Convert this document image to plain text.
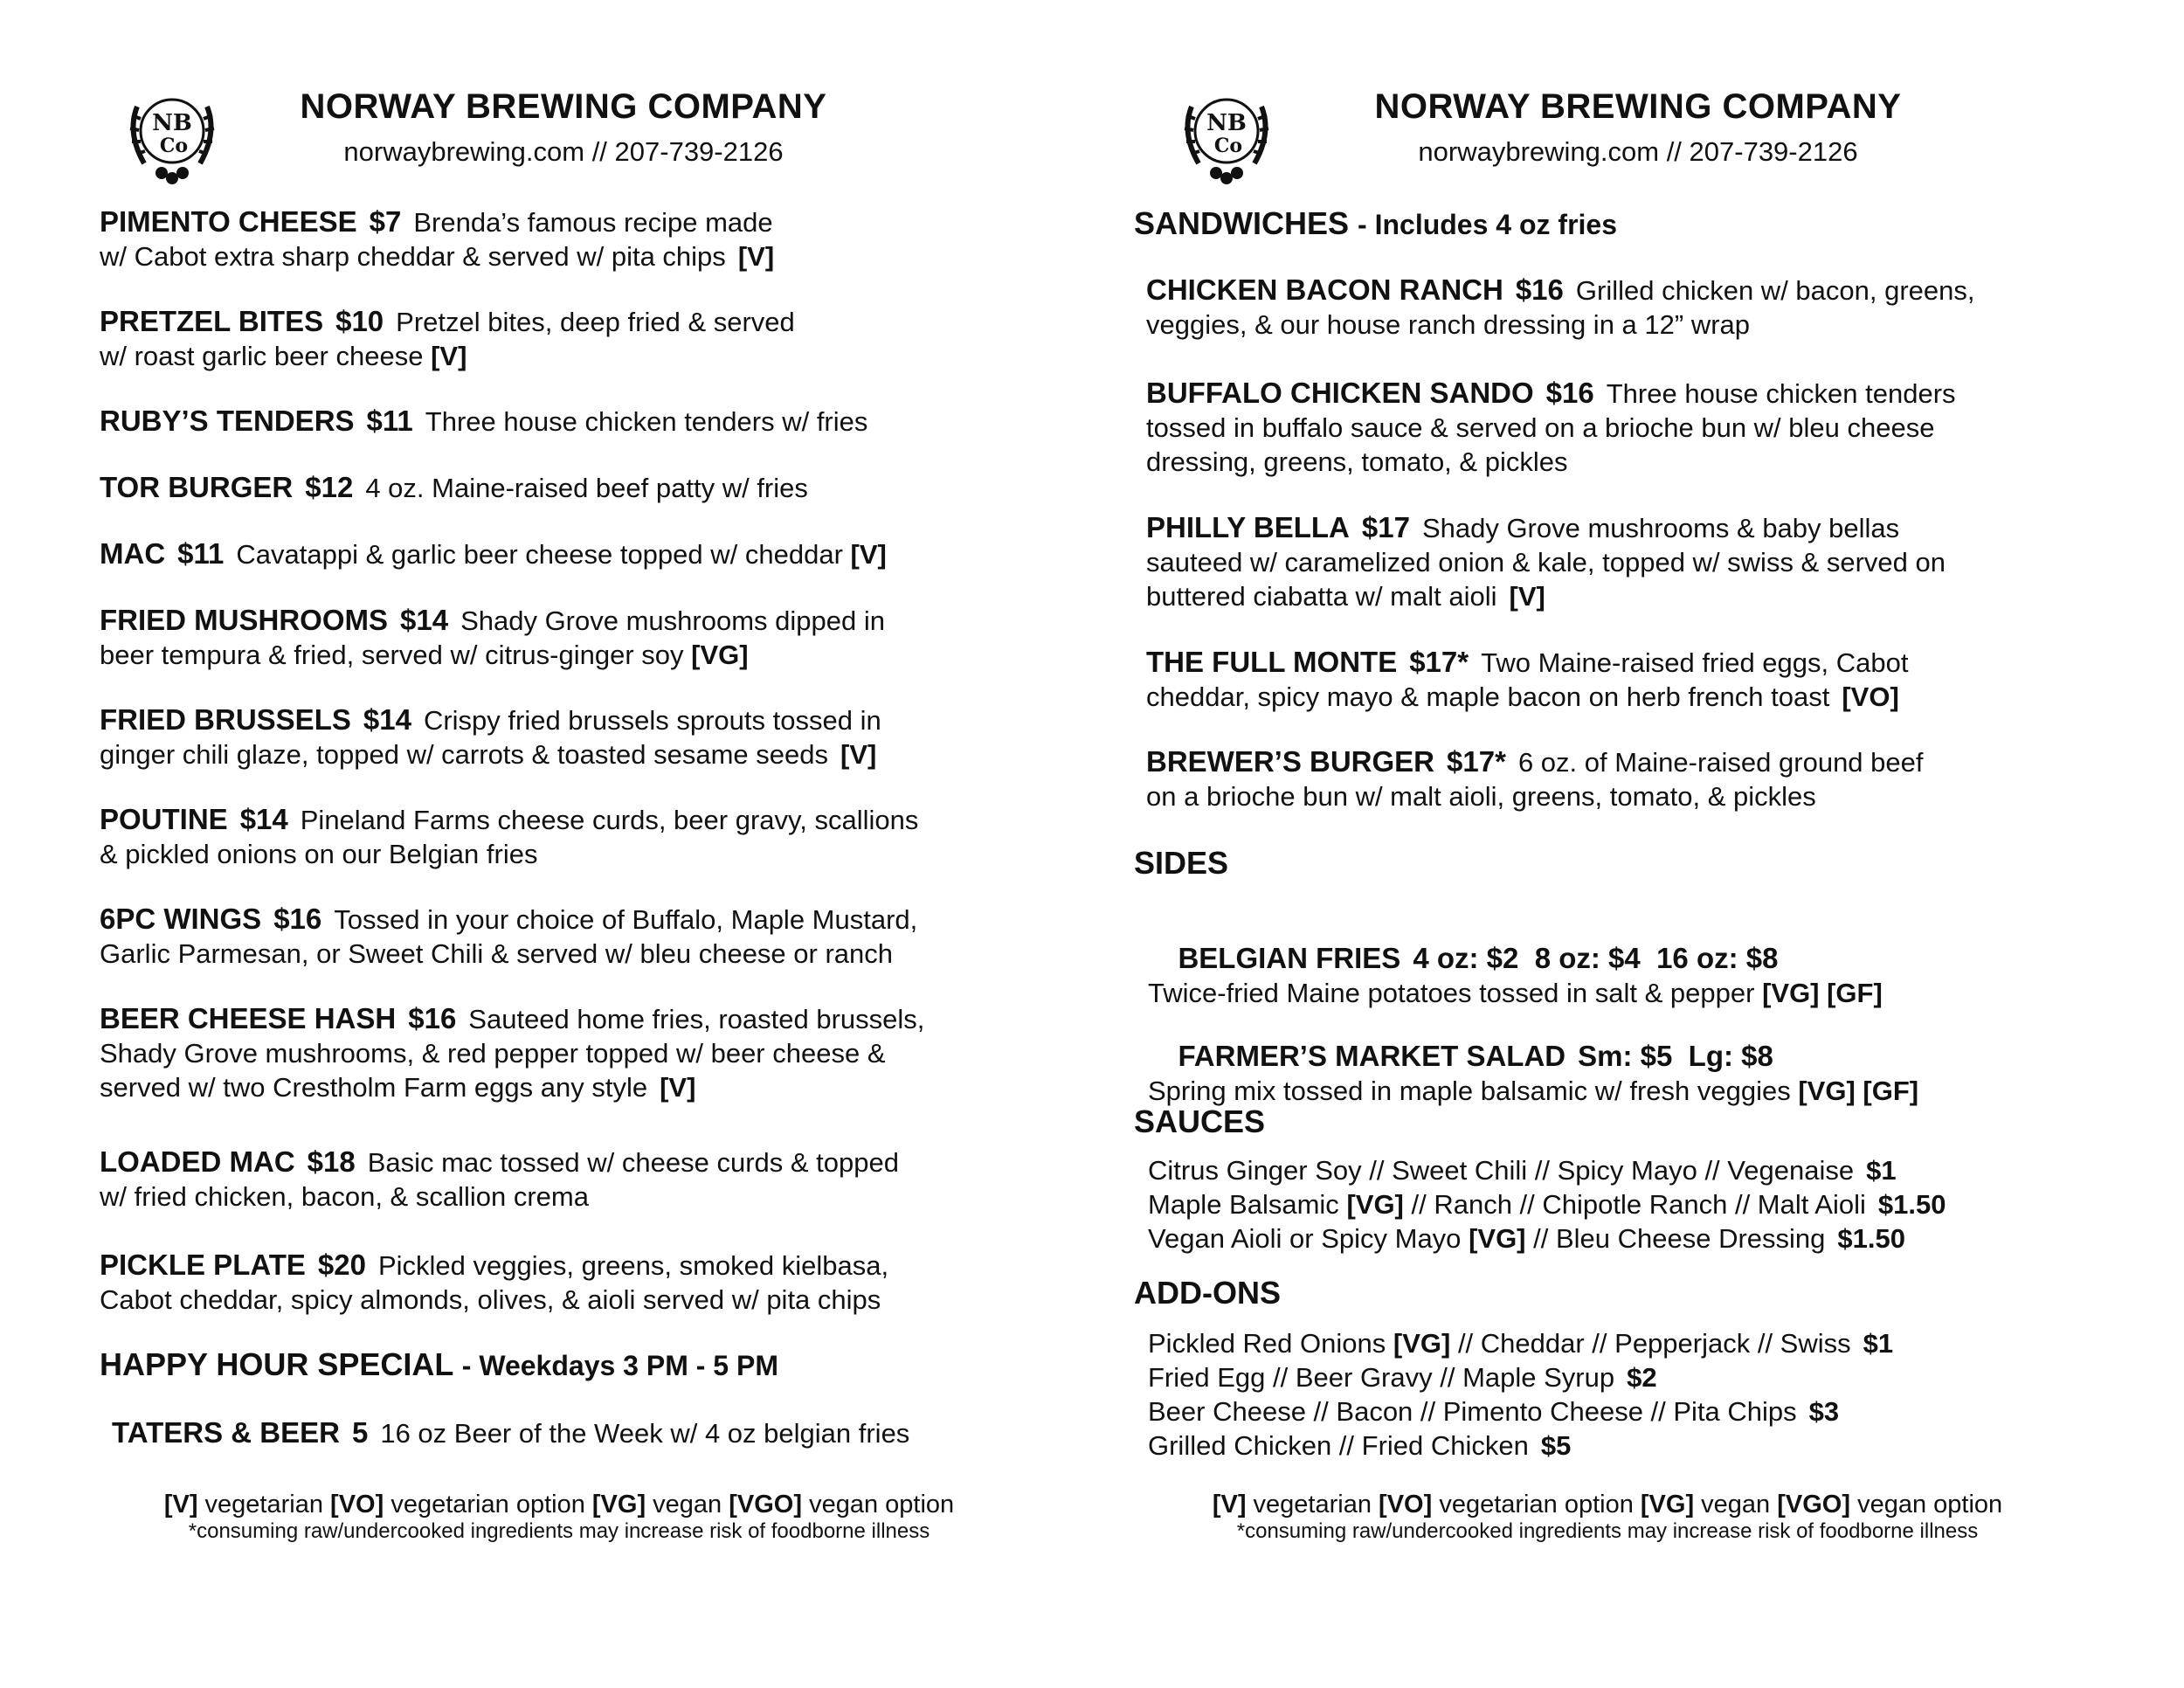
NB
Co
NORWAY BREWING COMPANY
norwaybrewing.com // 207-739-2126
PIMENTO CHEESE $7 Brenda’s famous recipe made
w/ Cabot extra sharp cheddar & served w/ pita chips [V]
PRETZEL BITES $10 Pretzel bites, deep fried & served
w/ roast garlic beer cheese [V]
RUBY’S TENDERS $11 Three house chicken tenders w/ fries
TOR BURGER $12 4 oz. Maine-raised beef patty w/ fries
MAC $11 Cavatappi & garlic beer cheese topped w/ cheddar [V]
FRIED MUSHROOMS $14 Shady Grove mushrooms dipped in
beer tempura & fried, served w/ citrus-ginger soy [VG]
FRIED BRUSSELS $14 Crispy fried brussels sprouts tossed in
ginger chili glaze, topped w/ carrots & toasted sesame seeds [V]
POUTINE $14 Pineland Farms cheese curds, beer gravy, scallions
& pickled onions on our Belgian fries
6PC WINGS $16 Tossed in your choice of Buffalo, Maple Mustard,
Garlic Parmesan, or Sweet Chili & served w/ bleu cheese or ranch
BEER CHEESE HASH $16 Sauteed home fries, roasted brussels,
Shady Grove mushrooms, & red pepper topped w/ beer cheese &
served w/ two Crestholm Farm eggs any style [V]
LOADED MAC $18 Basic mac tossed w/ cheese curds & topped
w/ fried chicken, bacon, & scallion crema
PICKLE PLATE $20 Pickled veggies, greens, smoked kielbasa,
Cabot cheddar, spicy almonds, olives, & aioli served w/ pita chips
HAPPY HOUR SPECIAL - Weekdays 3 PM - 5 PM
TATERS & BEER 5 16 oz Beer of the Week w/ 4 oz belgian fries
[V] vegetarian [VO] vegetarian option [VG] vegan [VGO] vegan option
*consuming raw/undercooked ingredients may increase risk of foodborne illness
NB
Co
NORWAY BREWING COMPANY
norwaybrewing.com // 207-739-2126
SANDWICHES - Includes 4 oz fries
CHICKEN BACON RANCH $16 Grilled chicken w/ bacon, greens,
veggies, & our house ranch dressing in a 12” wrap
BUFFALO CHICKEN SANDO $16 Three house chicken tenders
tossed in buffalo sauce & served on a brioche bun w/ bleu cheese
dressing, greens, tomato, & pickles
PHILLY BELLA $17 Shady Grove mushrooms & baby bellas
sauteed w/ caramelized onion & kale, topped w/ swiss & served on
buttered ciabatta w/ malt aioli [V]
THE FULL MONTE $17* Two Maine-raised fried eggs, Cabot
cheddar, spicy mayo & maple bacon on herb french toast [VO]
BREWER’S BURGER $17* 6 oz. of Maine-raised ground beef
on a brioche bun w/ malt aioli, greens, tomato, & pickles
SIDES

BELGIAN FRIES 4 oz: $2  8 oz: $4  16 oz: $8
Twice-fried Maine potatoes tossed in salt & pepper [VG] [GF]

FARMER’S MARKET SALAD Sm: $5  Lg: $8
Spring mix tossed in maple balsamic w/ fresh veggies [VG] [GF]

SAUCES
Citrus Ginger Soy // Sweet Chili // Spicy Mayo // Vegenaise $1
Maple Balsamic [VG] // Ranch // Chipotle Ranch // Malt Aioli $1.50
Vegan Aioli or Spicy Mayo [VG] // Bleu Cheese Dressing $1.50
ADD-ONS
Pickled Red Onions [VG] // Cheddar // Pepperjack // Swiss $1
Fried Egg // Beer Gravy // Maple Syrup $2
Beer Cheese // Bacon // Pimento Cheese // Pita Chips $3
Grilled Chicken // Fried Chicken $5
[V] vegetarian [VO] vegetarian option [VG] vegan [VGO] vegan option
*consuming raw/undercooked ingredients may increase risk of foodborne illness
